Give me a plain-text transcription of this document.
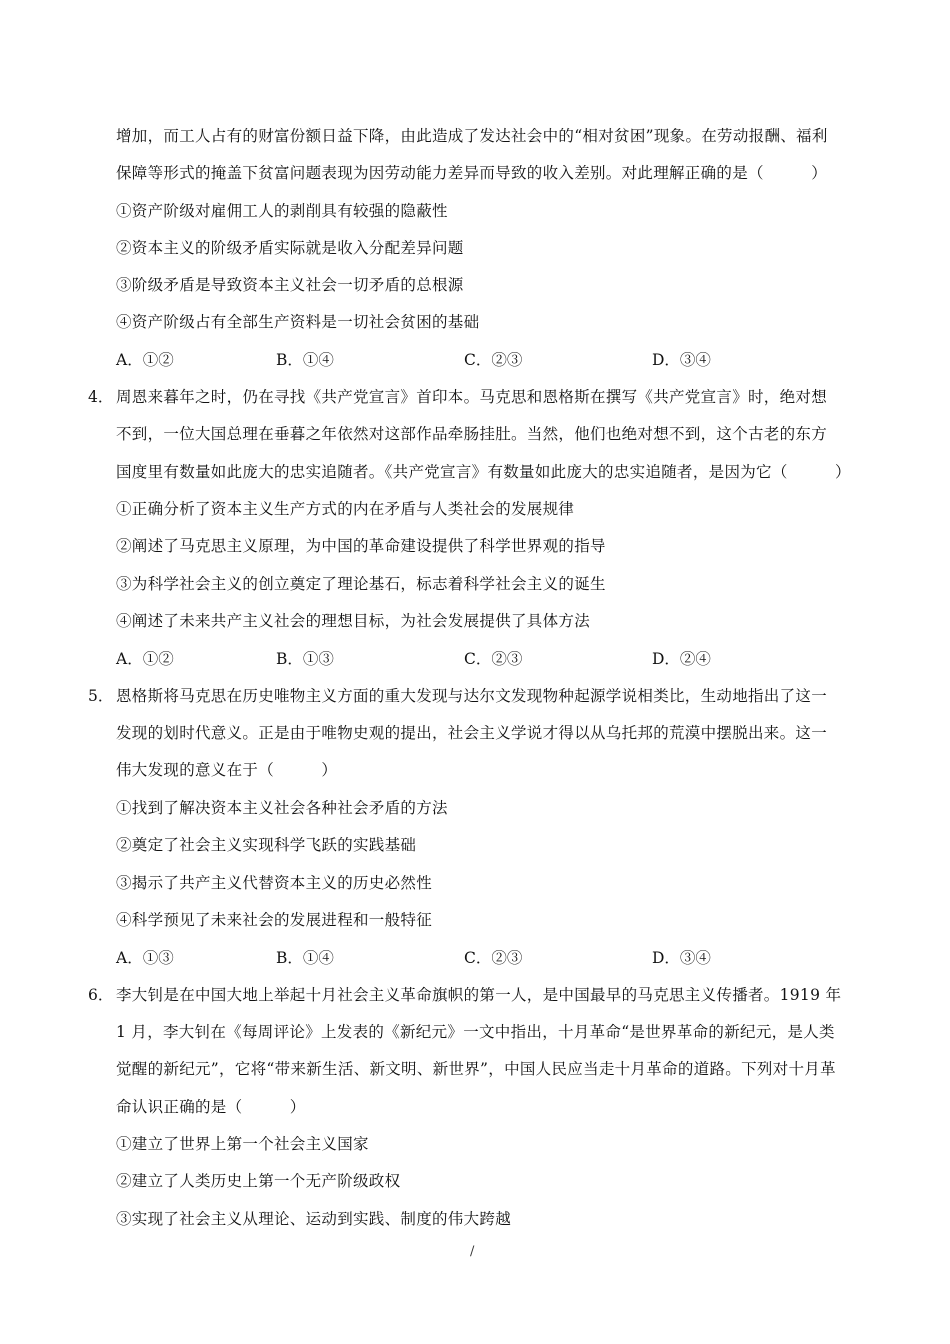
增加，而工人占有的财富份额日益下降，由此造成了发达社会中的“相对贫困”现象。在劳动报酬、福利
保障等形式的掩盖下贫富问题表现为因劳动能力差异而导致的收入差别。对此理解正确的是（　　　）
①资产阶级对雇佣工人的剥削具有较强的隐蔽性
②资本主义的阶级矛盾实际就是收入分配差异问题
③阶级矛盾是导致资本主义社会一切矛盾的总根源
④资产阶级占有全部生产资料是一切社会贫困的基础
A．①②	B．①④	C．②③	D．③④
4． 周恩来暮年之时，仍在寻找《共产党宣言》首印本。马克思和恩格斯在撰写《共产党宣言》时，绝对想
不到，一位大国总理在垂暮之年依然对这部作品牵肠挂肚。当然，他们也绝对想不到，这个古老的东方
国度里有数量如此庞大的忠实追随者。《共产党宣言》有数量如此庞大的忠实追随者，是因为它（　　　）
①正确分析了资本主义生产方式的内在矛盾与人类社会的发展规律
②阐述了马克思主义原理，为中国的革命建设提供了科学世界观的指导
③为科学社会主义的创立奠定了理论基石，标志着科学社会主义的诞生
④阐述了未来共产主义社会的理想目标，为社会发展提供了具体方法
A．①②	B．①③	C．②③	D．②④
5． 恩格斯将马克思在历史唯物主义方面的重大发现与达尔文发现物种起源学说相类比，生动地指出了这一
发现的划时代意义。正是由于唯物史观的提出，社会主义学说才得以从乌托邦的荒漠中摆脱出来。这一
伟大发现的意义在于（　　　）
①找到了解决资本主义社会各种社会矛盾的方法
②奠定了社会主义实现科学飞跃的实践基础
③揭示了共产主义代替资本主义的历史必然性
④科学预见了未来社会的发展进程和一般特征
A．①③	B．①④	C．②③	D．③④
6． 李大钊是在中国大地上举起十月社会主义革命旗帜的第一人，是中国最早的马克思主义传播者。1919 年
1 月，李大钊在《每周评论》上发表的《新纪元》一文中指出，十月革命“是世界革命的新纪元，是人类
觉醒的新纪元”，它将“带来新生活、新文明、新世界”，中国人民应当走十月革命的道路。下列对十月革
命认识正确的是（　　　）
①建立了世界上第一个社会主义国家
②建立了人类历史上第一个无产阶级政权
③实现了社会主义从理论、运动到实践、制度的伟大跨越
/
